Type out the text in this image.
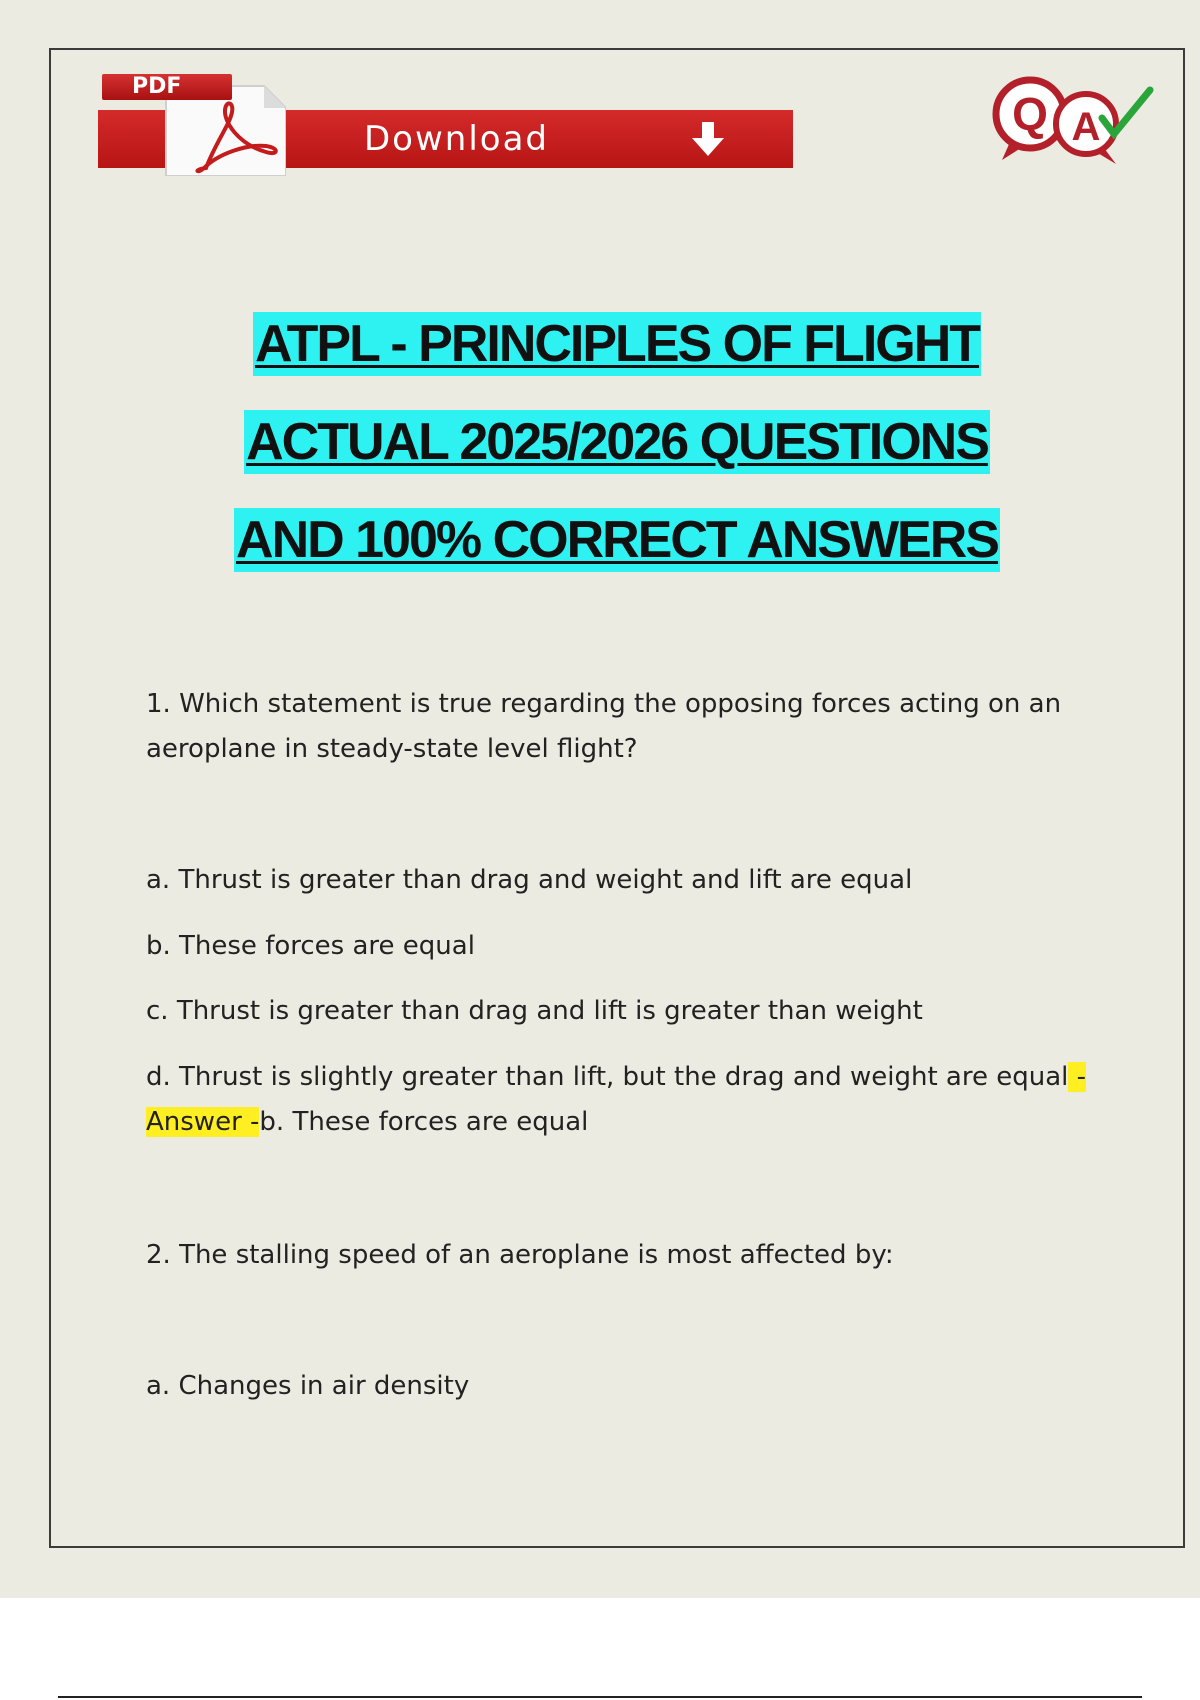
PDF
Download	Q A
ATPL - PRINCIPLES OF FLIGHT
ACTUAL 2025/2026 QUESTIONS
AND 100% CORRECT ANSWERS
1. Which statement is true regarding the opposing forces acting on an aeroplane in steady-state level flight?
a. Thrust is greater than drag and weight and lift are equal
b. These forces are equal
c. Thrust is greater than drag and lift is greater than weight
d. Thrust is slightly greater than lift, but the drag and weight are equal -
Answer -b. These forces are equal
2. The stalling speed of an aeroplane is most affected by:
a. Changes in air density
